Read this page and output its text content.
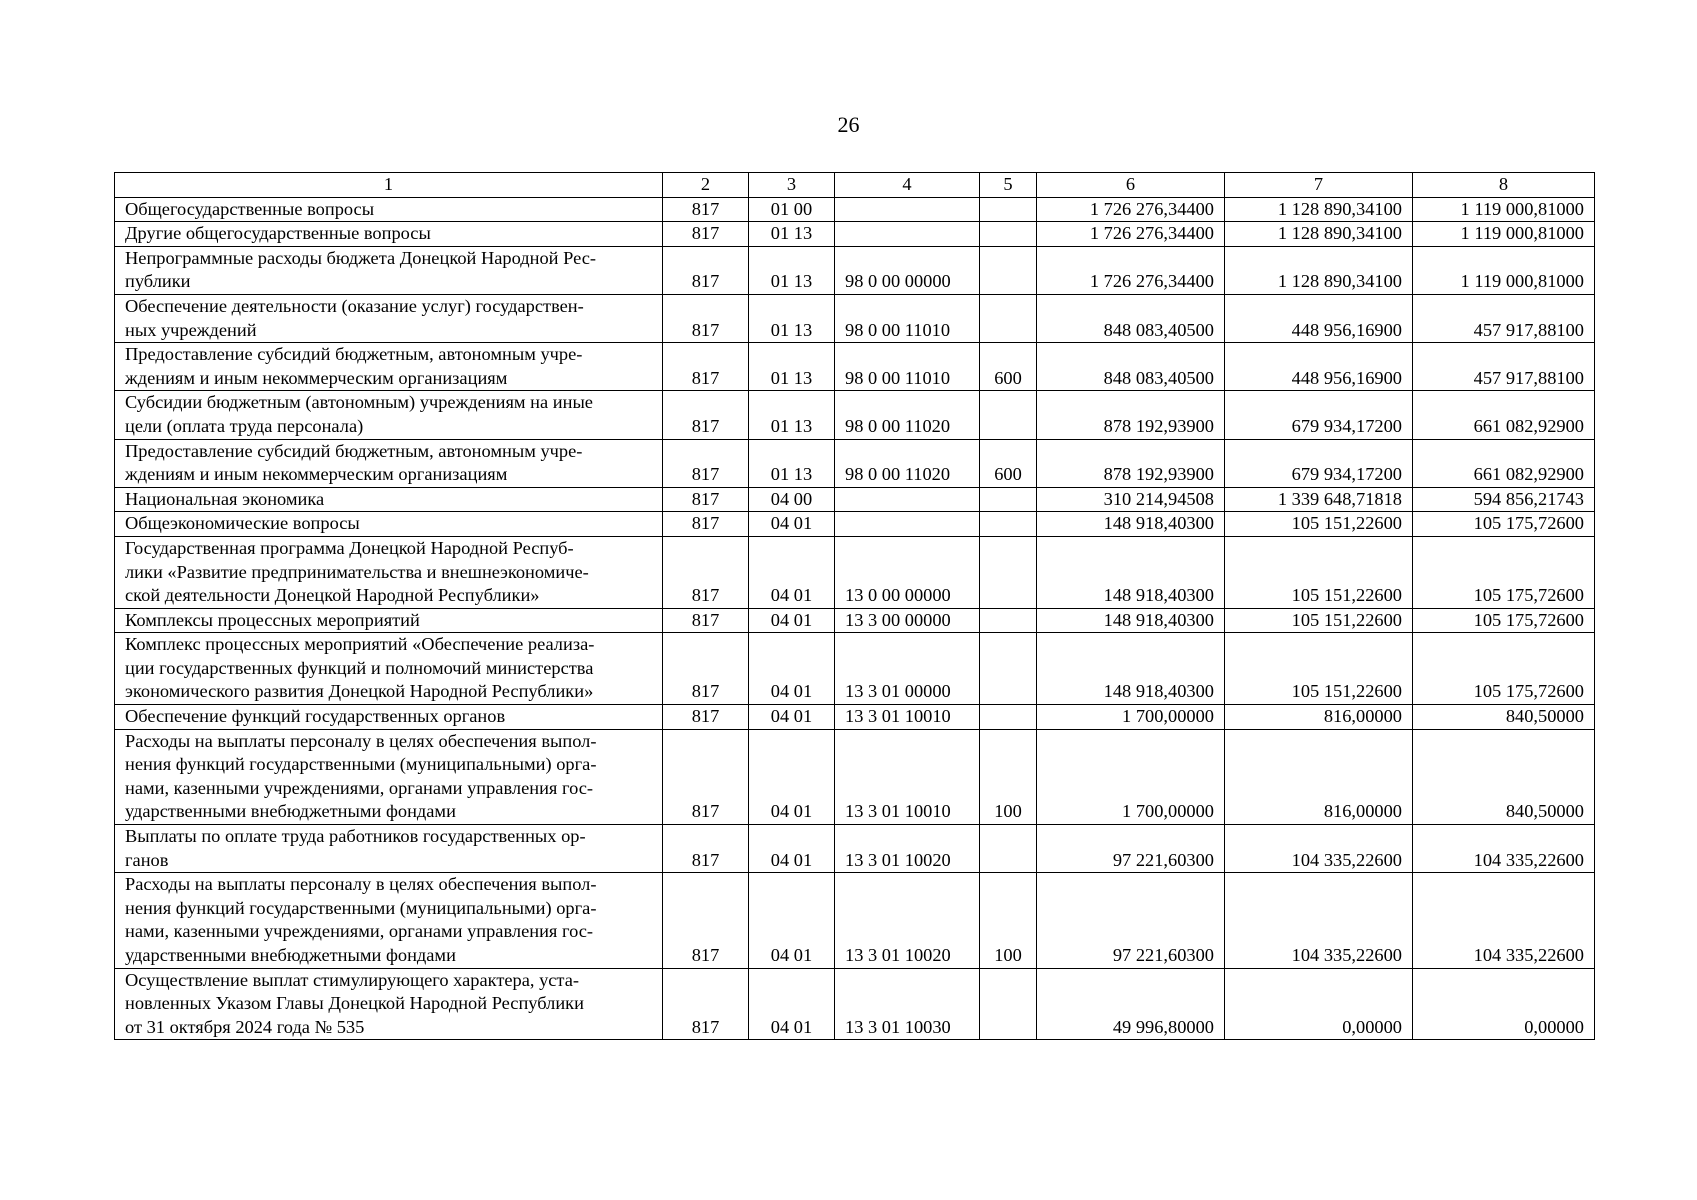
26
1	2	3	4	5	6	7	8
Общегосударственные вопросы	817	01 00			1 726 276,34400	1 128 890,34100	1 119 000,81000
Другие общегосударственные вопросы	817	01 13			1 726 276,34400	1 128 890,34100	1 119 000,81000
Непрограммные расходы бюджета Донецкой Народной Рес-
публики	817	01 13	98 0 00 00000		1 726 276,34400	1 128 890,34100	1 119 000,81000
Обеспечение деятельности (оказание услуг) государствен-
ных учреждений	817	01 13	98 0 00 11010		848 083,40500	448 956,16900	457 917,88100
Предоставление субсидий бюджетным, автономным учре-
ждениям и иным некоммерческим организациям	817	01 13	98 0 00 11010	600	848 083,40500	448 956,16900	457 917,88100
Субсидии бюджетным (автономным) учреждениям на иные
цели (оплата труда персонала)	817	01 13	98 0 00 11020		878 192,93900	679 934,17200	661 082,92900
Предоставление субсидий бюджетным, автономным учре-
ждениям и иным некоммерческим организациям	817	01 13	98 0 00 11020	600	878 192,93900	679 934,17200	661 082,92900
Национальная экономика	817	04 00			310 214,94508	1 339 648,71818	594 856,21743
Общеэкономические вопросы	817	04 01			148 918,40300	105 151,22600	105 175,72600
Государственная программа Донецкой Народной Респуб-
лики «Развитие предпринимательства и внешнеэкономиче-
ской деятельности Донецкой Народной Республики»	817	04 01	13 0 00 00000		148 918,40300	105 151,22600	105 175,72600
Комплексы процессных мероприятий	817	04 01	13 3 00 00000		148 918,40300	105 151,22600	105 175,72600
Комплекс процессных мероприятий «Обеспечение реализа-
ции государственных функций и полномочий министерства
экономического развития Донецкой Народной Республики»	817	04 01	13 3 01 00000		148 918,40300	105 151,22600	105 175,72600
Обеспечение функций государственных органов	817	04 01	13 3 01 10010		1 700,00000	816,00000	840,50000
Расходы на выплаты персоналу в целях обеспечения выпол-
нения функций государственными (муниципальными) орга-
нами, казенными учреждениями, органами управления гос-
ударственными внебюджетными фондами	817	04 01	13 3 01 10010	100	1 700,00000	816,00000	840,50000
Выплаты по оплате труда работников государственных ор-
ганов	817	04 01	13 3 01 10020		97 221,60300	104 335,22600	104 335,22600
Расходы на выплаты персоналу в целях обеспечения выпол-
нения функций государственными (муниципальными) орга-
нами, казенными учреждениями, органами управления гос-
ударственными внебюджетными фондами	817	04 01	13 3 01 10020	100	97 221,60300	104 335,22600	104 335,22600
Осуществление выплат стимулирующего характера, уста-
новленных Указом Главы Донецкой Народной Республики
от 31 октября 2024 года № 535	817	04 01	13 3 01 10030		49 996,80000	0,00000	0,00000
